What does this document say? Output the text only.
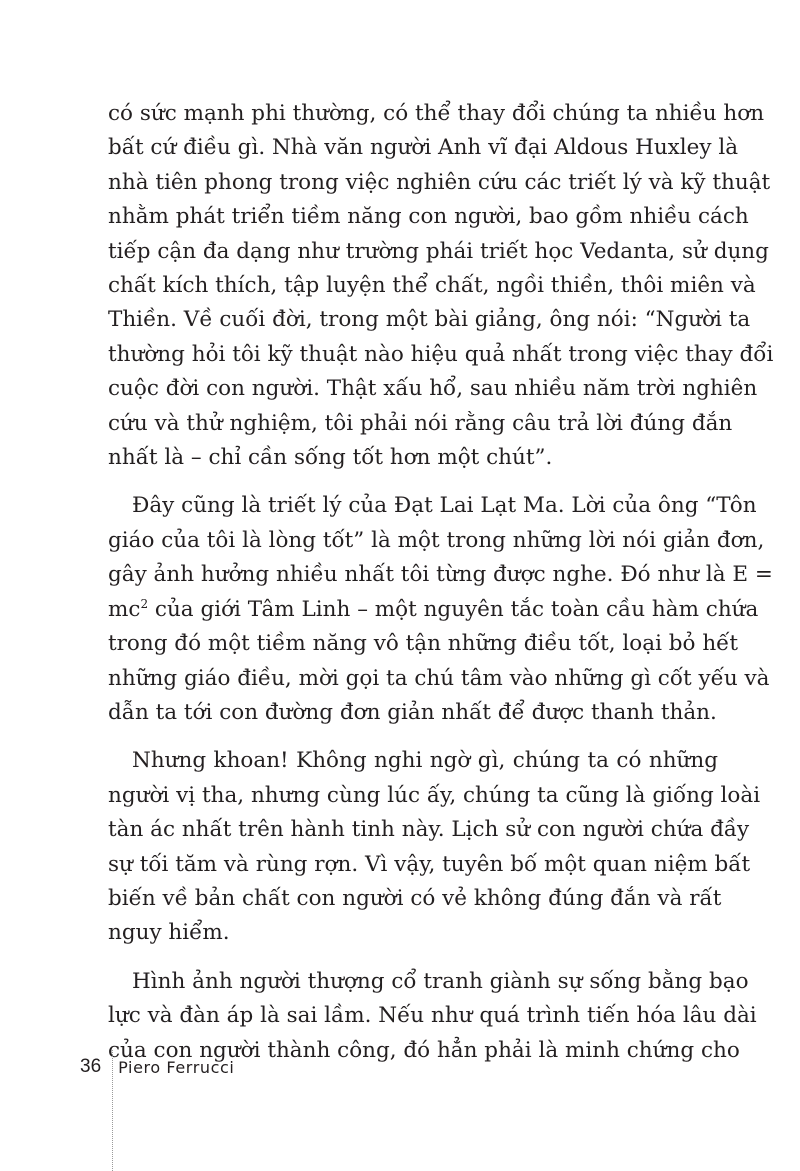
có sức mạnh phi thường, có thể thay đổi chúng ta nhiều hơn
bất cứ điều gì. Nhà văn người Anh vĩ đại Aldous Huxley là
nhà tiên phong trong việc nghiên cứu các triết lý và kỹ thuật
nhằm phát triển tiềm năng con người, bao gồm nhiều cách
tiếp cận đa dạng như trường phái triết học Vedanta, sử dụng
chất kích thích, tập luyện thể chất, ngồi thiền, thôi miên và
Thiền. Về cuối đời, trong một bài giảng, ông nói: “Người ta
thường hỏi tôi kỹ thuật nào hiệu quả nhất trong việc thay đổi
cuộc đời con người. Thật xấu hổ, sau nhiều năm trời nghiên
cứu và thử nghiệm, tôi phải nói rằng câu trả lời đúng đắn
nhất là – chỉ cần sống tốt hơn một chút”.

Đây cũng là triết lý của Đạt Lai Lạt Ma. Lời của ông “Tôn
giáo của tôi là lòng tốt” là một trong những lời nói giản đơn,
gây ảnh hưởng nhiều nhất tôi từng được nghe. Đó như là E =
$mc^2$ của giới Tâm Linh – một nguyên tắc toàn cầu hàm chứa
trong đó một tiềm năng vô tận những điều tốt, loại bỏ hết
những giáo điều, mời gọi ta chú tâm vào những gì cốt yếu và
dẫn ta tới con đường đơn giản nhất để được thanh thản.

Nhưng khoan! Không nghi ngờ gì, chúng ta có những
người vị tha, nhưng cùng lúc ấy, chúng ta cũng là giống loài
tàn ác nhất trên hành tinh này. Lịch sử con người chứa đầy
sự tối tăm và rùng rợn. Vì vậy, tuyên bố một quan niệm bất
biến về bản chất con người có vẻ không đúng đắn và rất
nguy hiểm.

Hình ảnh người thượng cổ tranh giành sự sống bằng bạo
lực và đàn áp là sai lầm. Nếu như quá trình tiến hóa lâu dài
của con người thành công, đó hẳn phải là minh chứng cho

36 Piero Ferrucci
